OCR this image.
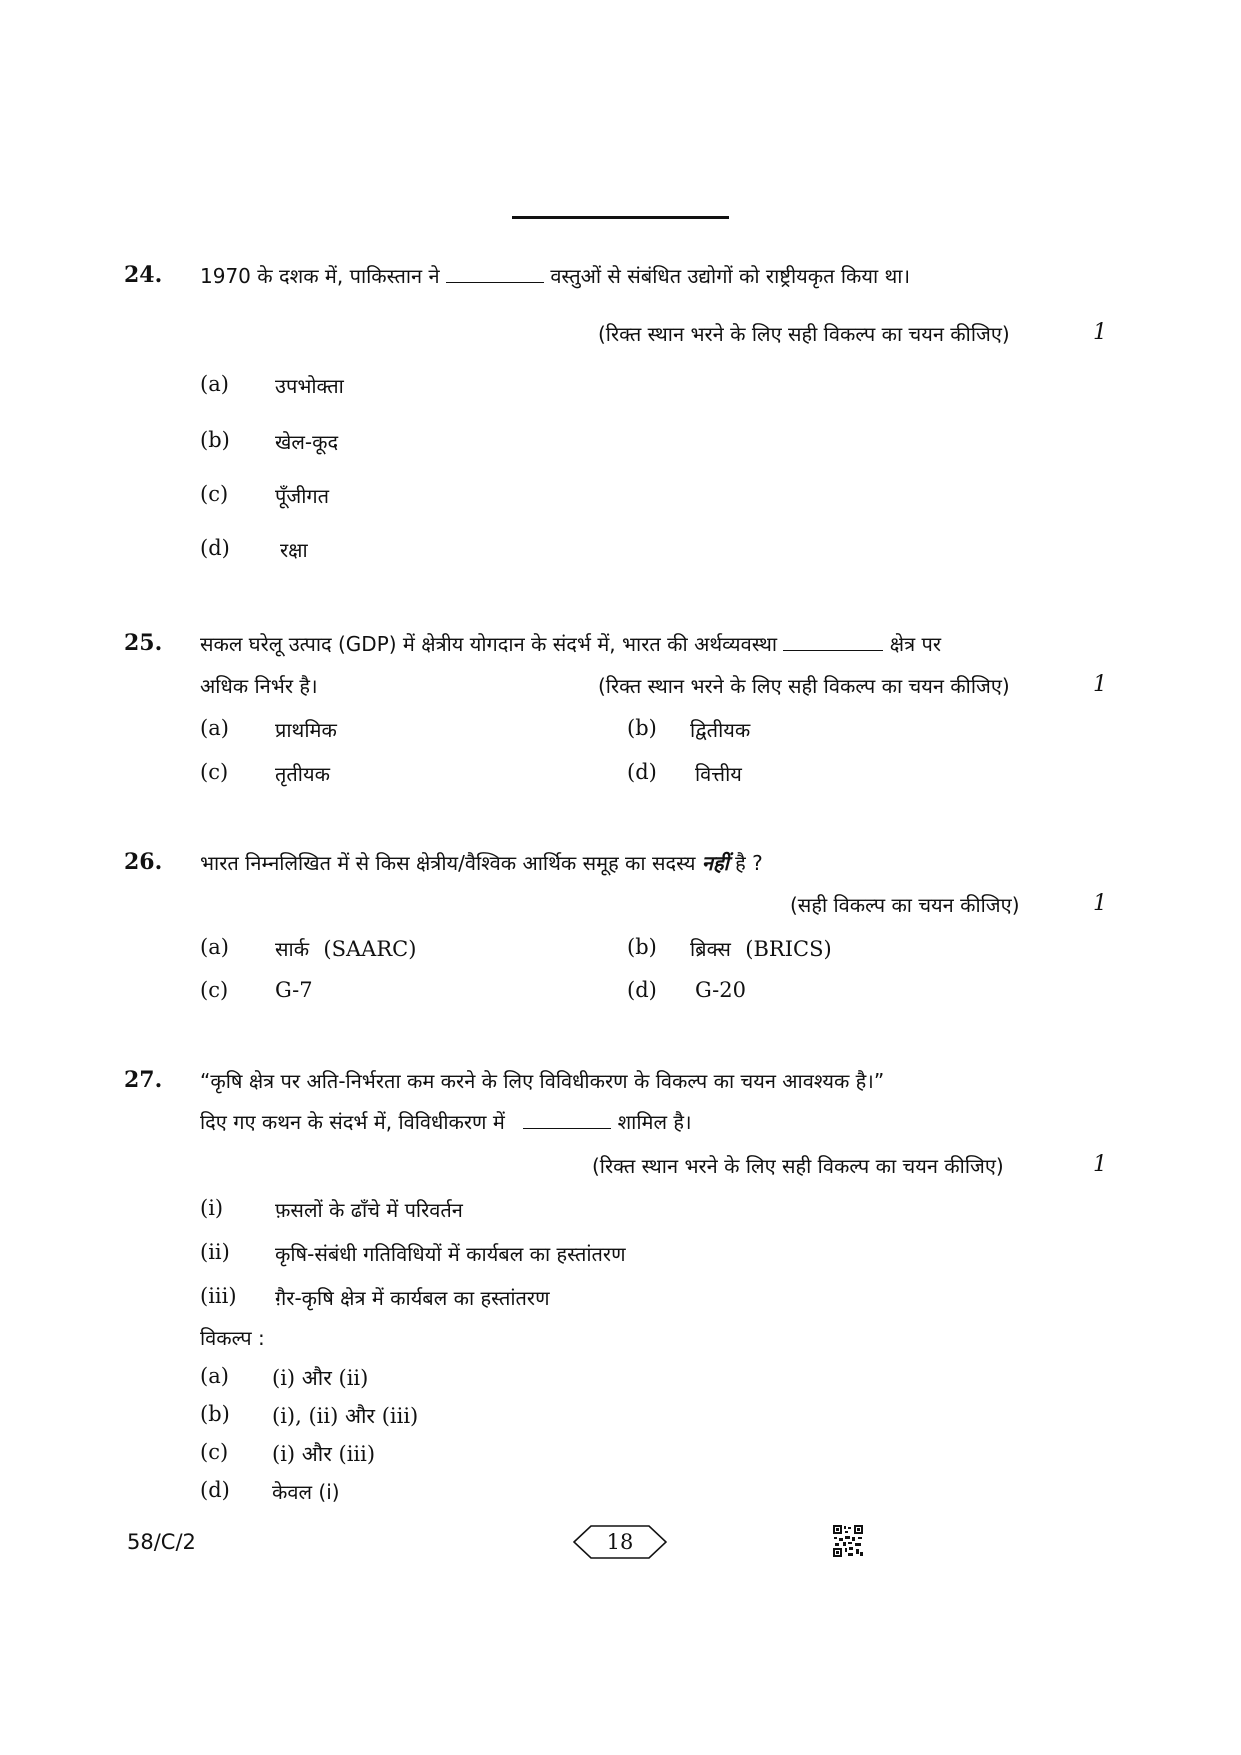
24. 1970 के दशक में, पाकिस्तान ने	वस्तुओं से संबंधित उद्योगों को राष्ट्रीयकृत किया था।
(रिक्त स्थान भरने के लिए सही विकल्प का चयन कीजिए)	1
(a) उपभोक्ता
(b) खेल-कूद
(c) पूँजीगत
(d)	रक्षा
25. सकल घरेलू उत्पाद (GDP) में क्षेत्रीय योगदान के संदर्भ में, भारत की अर्थव्यवस्था	क्षेत्र पर
अधिक निर्भर है।	(रिक्त स्थान भरने के लिए सही विकल्प का चयन कीजिए)	1
(a) प्राथमिक	(b) द्वितीयक
(c) तृतीयक	(d) वित्तीय
26. भारत निम्नलिखित में से किस क्षेत्रीय/वैश्विक आर्थिक समूह का सदस्य नहीं है ?
(सही विकल्प का चयन कीजिए)	1
(a) सार्क (SAARC)	(b) ब्रिक्स (BRICS)
(c) G-7	(d) G-20
27. “कृषि क्षेत्र पर अति-निर्भरता कम करने के लिए विविधीकरण के विकल्प का चयन आवश्यक है।”
दिए गए कथन के संदर्भ में, विविधीकरण में	शामिल है।
(रिक्त स्थान भरने के लिए सही विकल्प का चयन कीजिए)	1
(i)	फ़सलों के ढाँचे में परिवर्तन
(ii) कृषि-संबंधी गतिविधियों में कार्यबल का हस्तांतरण
(iii) ग़ैर-कृषि क्षेत्र में कार्यबल का हस्तांतरण
विकल्प :
(a) (i) और (ii)
(b) (i), (ii) और (iii)
(c) (i) और (iii)
(d) केवल (i)
58/C/2	18
